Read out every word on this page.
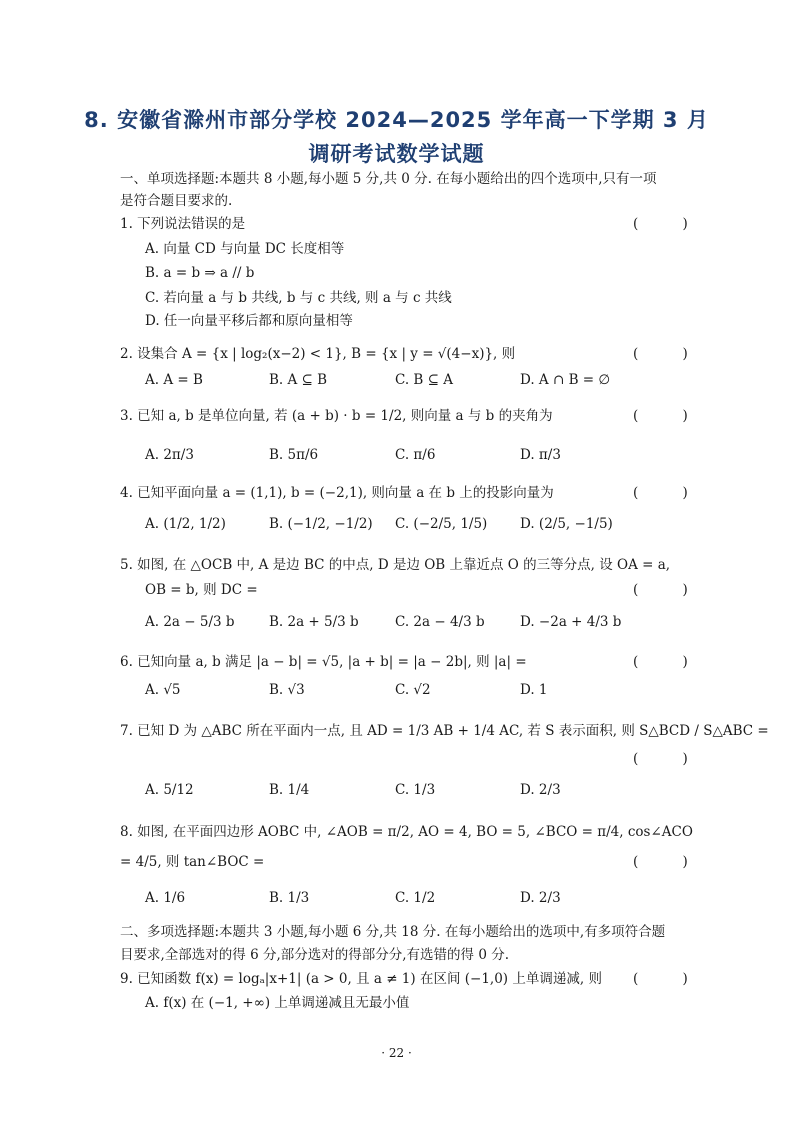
8. 安徽省滁州市部分学校 2024—2025 学年高一下学期 3 月
调研考试数学试题
一、单项选择题:本题共 8 小题,每小题 5 分,共 0 分. 在每小题给出的四个选项中,只有一项
是符合题目要求的.
1. 下列说法错误的是	( )
A. 向量 CD 与向量 DC 长度相等
B. a = b ⇒ a // b
C. 若向量 a 与 b 共线, b 与 c 共线, 则 a 与 c 共线
D. 任一向量平移后都和原向量相等
2. 设集合 A = {x | log₂(x−2) < 1}, B = {x | y = √(4−x)}, 则	( )
A. A = B	B. A ⊆ B	C. B ⊆ A	D. A ∩ B = ∅
3. 已知 a, b 是单位向量, 若 (a + b) · b = 1/2, 则向量 a 与 b 的夹角为	( )
A. 2π/3	B. 5π/6	C. π/6	D. π/3
4. 已知平面向量 a = (1,1), b = (−2,1), 则向量 a 在 b 上的投影向量为	( )
A. (1/2, 1/2)	B. (−1/2, −1/2) C. (−2/5, 1/5) D. (2/5, −1/5)
5. 如图, 在 △OCB 中, A 是边 BC 的中点, D 是边 OB 上靠近点 O 的三等分点, 设 OA = a,
OB = b, 则 DC =	( )
A. 2a − 5/3 b	B. 2a + 5/3 b	C. 2a − 4/3 b	D. −2a + 4/3 b
6. 已知向量 a, b 满足 |a − b| = √5, |a + b| = |a − 2b|, 则 |a| =	( )
A. √5	B. √3	C. √2	D. 1
7. 已知 D 为 △ABC 所在平面内一点, 且 AD = 1/3 AB + 1/4 AC, 若 S 表示面积, 则 S△BCD / S△ABC =
( )
A. 5/12	B. 1/4	C. 1/3	D. 2/3
8. 如图, 在平面四边形 AOBC 中, ∠AOB = π/2, AO = 4, BO = 5, ∠BCO = π/4, cos∠ACO
= 4/5, 则 tan∠BOC =	( )
A. 1/6	B. 1/3	C. 1/2	D. 2/3
二、多项选择题:本题共 3 小题,每小题 6 分,共 18 分. 在每小题给出的选项中,有多项符合题
目要求,全部选对的得 6 分,部分选对的得部分分,有选错的得 0 分.
9. 已知函数 f(x) = logₐ|x+1| (a > 0, 且 a ≠ 1) 在区间 (−1,0) 上单调递减, 则 ( )
A. f(x) 在 (−1, +∞) 上单调递减且无最小值
· 22 ·
